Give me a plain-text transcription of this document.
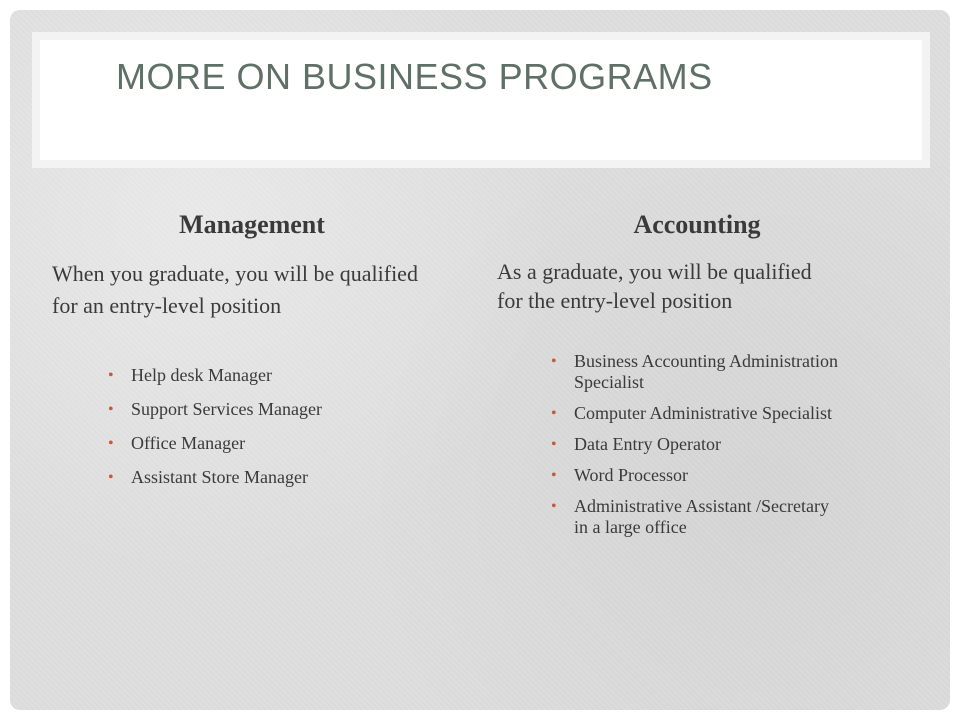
MORE ON BUSINESS PROGRAMS
Management

When you graduate, you will be qualified for an entry-level position

• Help desk Manager
• Support Services Manager
• Office Manager
• Assistant Store Manager
Accounting

As a graduate, you will be qualified for the entry-level position

• Business Accounting Administration Specialist
• Computer Administrative Specialist
• Data Entry Operator
• Word Processor
• Administrative Assistant /Secretary in a large office
